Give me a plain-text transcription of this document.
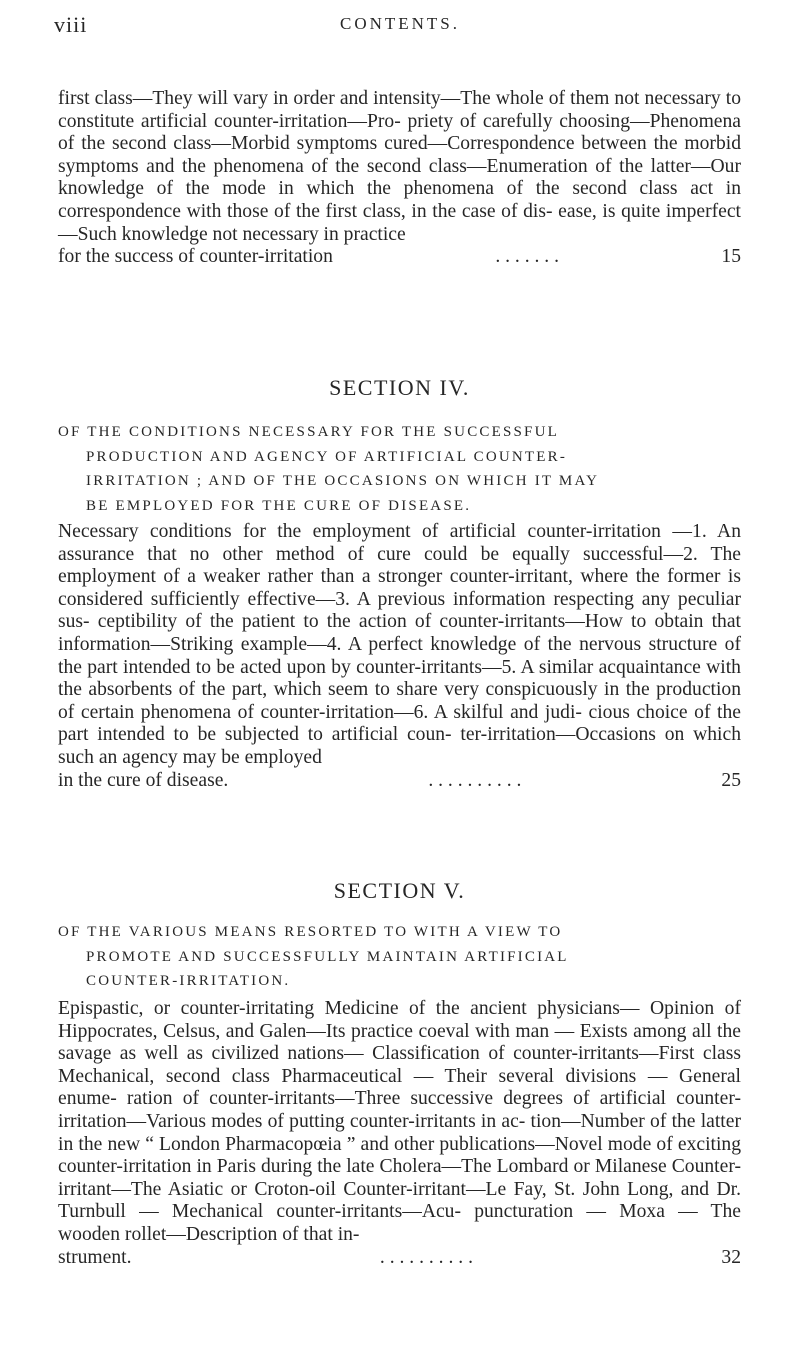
viii	CONTENTS.
first class—They will vary in order and intensity—The whole of them not necessary to constitute artificial counter-irritation—Pro- priety of carefully choosing—Phenomena of the second class—Morbid symptoms cured—Correspondence between the morbid symptoms and the phenomena of the second class—Enumeration of the latter—Our knowledge of the mode in which the phenomena of the second class act in correspondence with those of the first class, in the case of dis- ease, is quite imperfect—Such knowledge not necessary in practice
for the success of counter-irritation	. . . . . . .	15
SECTION IV.
OF THE CONDITIONS NECESSARY FOR THE SUCCESSFUL
PRODUCTION AND AGENCY OF ARTIFICIAL COUNTER-
IRRITATION ; AND OF THE OCCASIONS ON WHICH IT MAY
BE EMPLOYED FOR THE CURE OF DISEASE.
Necessary conditions for the employment of artificial counter-irritation —1. An assurance that no other method of cure could be equally successful—2. The employment of a weaker rather than a stronger counter-irritant, where the former is considered sufficiently effective—3. A previous information respecting any peculiar sus- ceptibility of the patient to the action of counter-irritants—How to obtain that information—Striking example—4. A perfect knowledge of the nervous structure of the part intended to be acted upon by counter-irritants—5. A similar acquaintance with the absorbents of the part, which seem to share very conspicuously in the production of certain phenomena of counter-irritation—6. A skilful and judi- cious choice of the part intended to be subjected to artificial coun- ter-irritation—Occasions on which such an agency may be employed
in the cure of disease.	. . . . . . . . . .	25
SECTION V.
OF THE VARIOUS MEANS RESORTED TO WITH A VIEW TO
PROMOTE AND SUCCESSFULLY MAINTAIN ARTIFICIAL
COUNTER-IRRITATION.
Epispastic, or counter-irritating Medicine of the ancient physicians— Opinion of Hippocrates, Celsus, and Galen—Its practice coeval with man — Exists among all the savage as well as civilized nations— Classification of counter-irritants—First class Mechanical, second class Pharmaceutical — Their several divisions — General enume- ration of counter-irritants—Three successive degrees of artificial counter-irritation—Various modes of putting counter-irritants in ac- tion—Number of the latter in the new “ London Pharmacopœia ” and other publications—Novel mode of exciting counter-irritation in Paris during the late Cholera—The Lombard or Milanese Counter- irritant—The Asiatic or Croton-oil Counter-irritant—Le Fay, St. John Long, and Dr. Turnbull — Mechanical counter-irritants—Acu- puncturation — Moxa — The wooden rollet—Description of that in-
strument.	. . . . . . . . . .	32
